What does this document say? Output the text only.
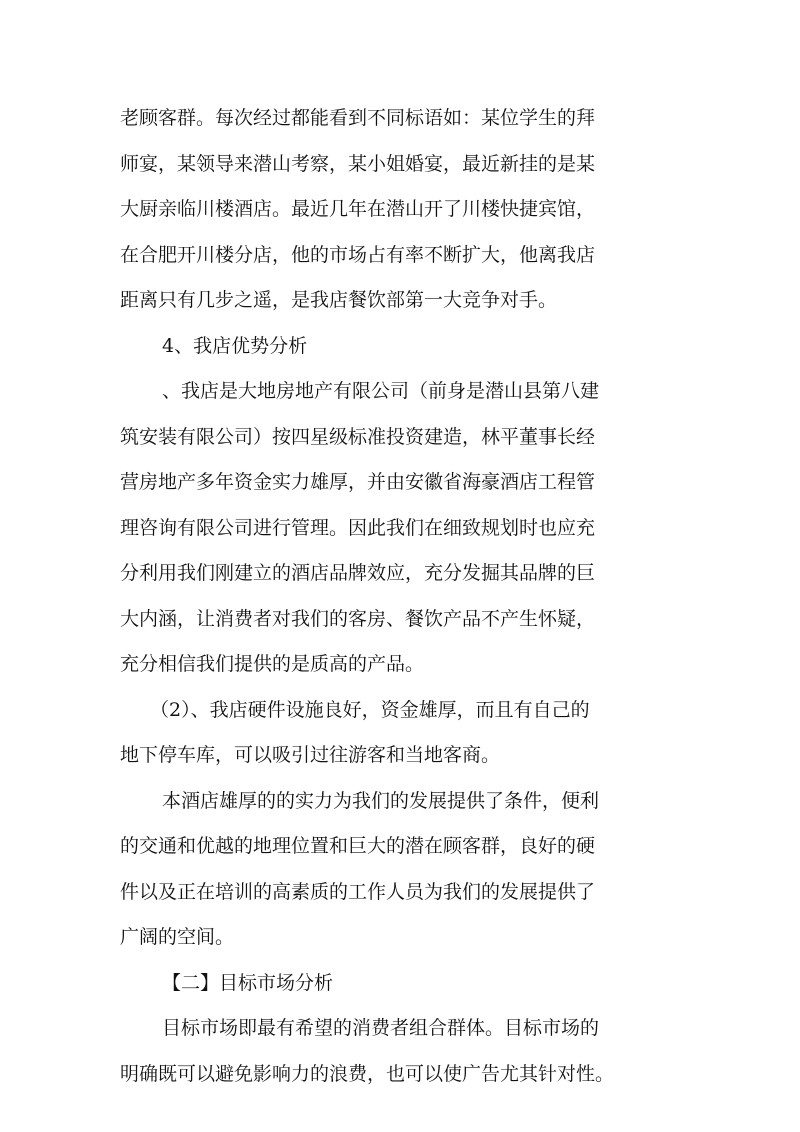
老顾客群。每次经过都能看到不同标语如：某位学生的拜
师宴，某领导来潜山考察，某小姐婚宴，最近新挂的是某
大厨亲临川楼酒店。最近几年在潜山开了川楼快捷宾馆，
在合肥开川楼分店，他的市场占有率不断扩大，他离我店
距离只有几步之遥，是我店餐饮部第一大竞争对手。
4、我店优势分析
、我店是大地房地产有限公司（前身是潜山县第八建
筑安装有限公司）按四星级标准投资建造，林平董事长经
营房地产多年资金实力雄厚，并由安徽省海豪酒店工程管
理咨询有限公司进行管理。因此我们在细致规划时也应充
分利用我们刚建立的酒店品牌效应，充分发掘其品牌的巨
大内涵，让消费者对我们的客房、餐饮产品不产生怀疑，
充分相信我们提供的是质高的产品。
（2）、我店硬件设施良好，资金雄厚，而且有自己的
地下停车库，可以吸引过往游客和当地客商。
本酒店雄厚的的实力为我们的发展提供了条件，便利
的交通和优越的地理位置和巨大的潜在顾客群，良好的硬
件以及正在培训的高素质的工作人员为我们的发展提供了
广阔的空间。
【二】目标市场分析
目标市场即最有希望的消费者组合群体。目标市场的
明确既可以避免影响力的浪费，也可以使广告尤其针对性。
